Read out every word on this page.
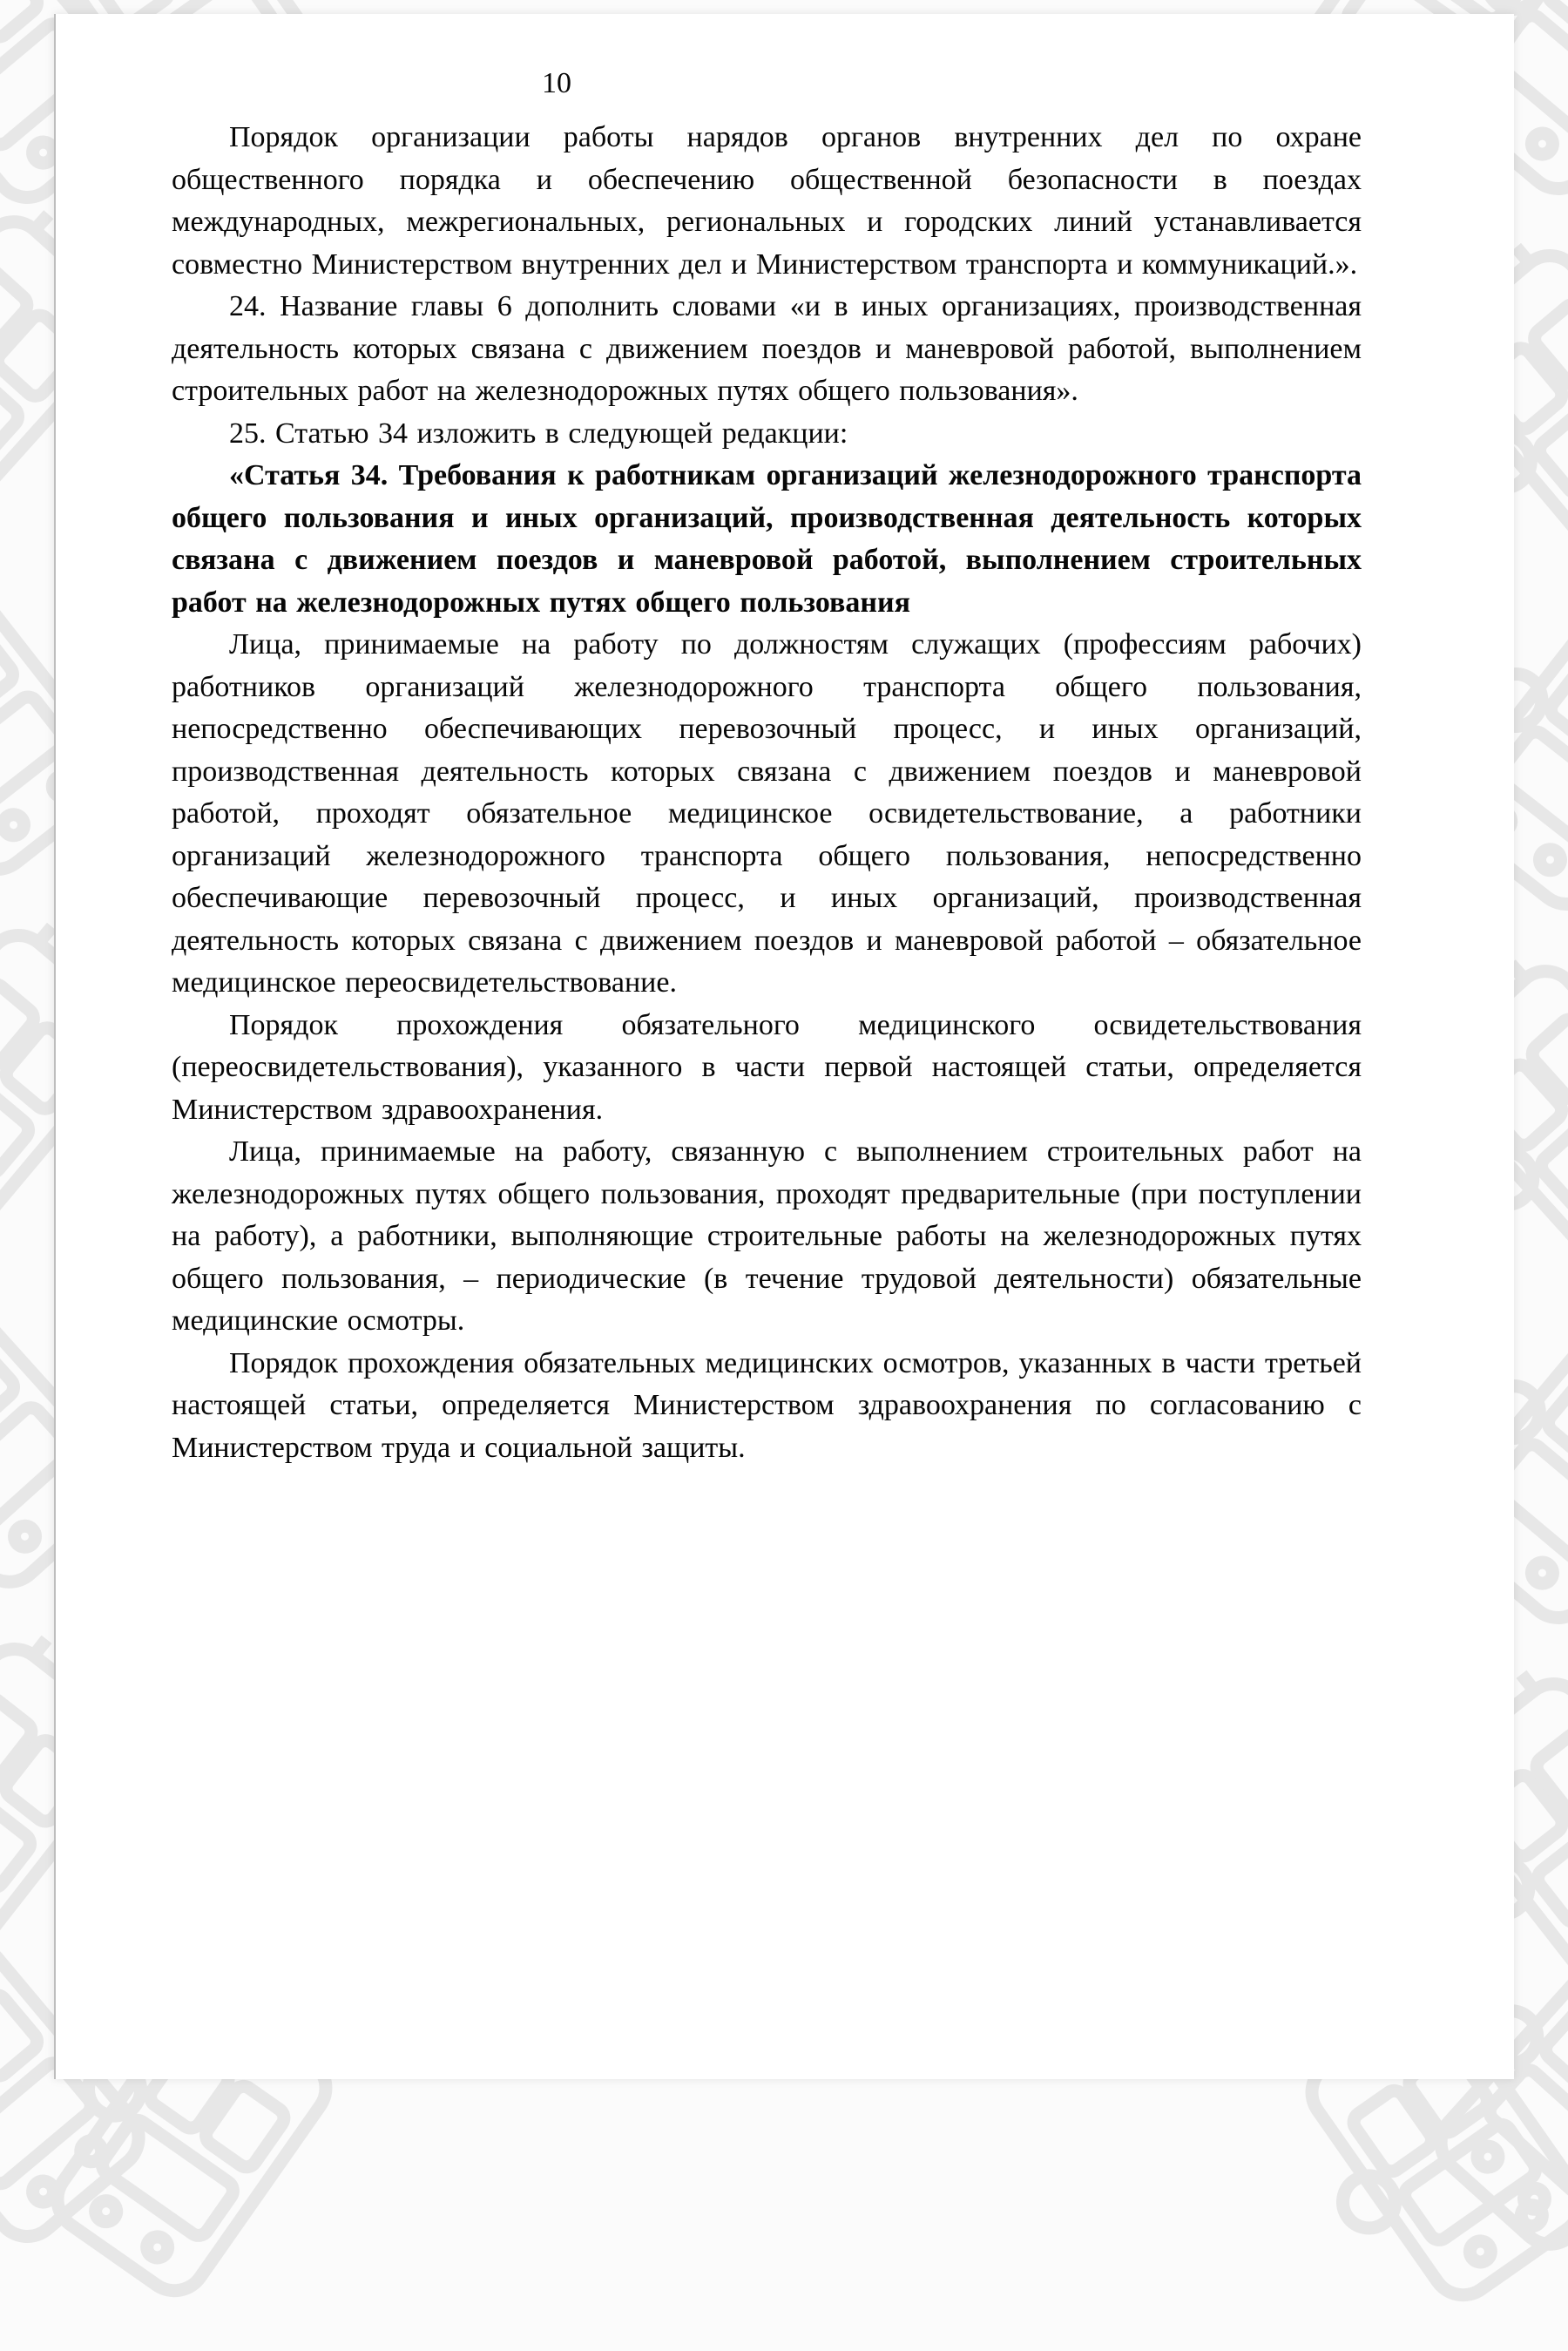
10

Порядок организации работы нарядов органов внутренних дел по охране общественного порядка и обеспечению общественной безопасности в поездах международных, межрегиональных, региональных и городских линий устанавливается совместно Министерством внутренних дел и Министерством транспорта и коммуникаций.».

24. Название главы 6 дополнить словами «и в иных организациях, производственная деятельность которых связана с движением поездов и маневровой работой, выполнением строительных работ на железнодорожных путях общего пользования».

25. Статью 34 изложить в следующей редакции:

«Статья 34. Требования к работникам организаций железнодорожного транспорта общего пользования и иных организаций, производственная деятельность которых связана с движением поездов и маневровой работой, выполнением строительных работ на железнодорожных путях общего пользования

Лица, принимаемые на работу по должностям служащих (профессиям рабочих) работников организаций железнодорожного транспорта общего пользования, непосредственно обеспечивающих перевозочный процесс, и иных организаций, производственная деятельность которых связана с движением поездов и маневровой работой, проходят обязательное медицинское освидетельствование, а работники организаций железнодорожного транспорта общего пользования, непосредственно обеспечивающие перевозочный процесс, и иных организаций, производственная деятельность которых связана с движением поездов и маневровой работой – обязательное медицинское переосвидетельствование.

Порядок прохождения обязательного медицинского освидетельствования (переосвидетельствования), указанного в части первой настоящей статьи, определяется Министерством здравоохранения.

Лица, принимаемые на работу, связанную с выполнением строительных работ на железнодорожных путях общего пользования, проходят предварительные (при поступлении на работу), а работники, выполняющие строительные работы на железнодорожных путях общего пользования, – периодические (в течение трудовой деятельности) обязательные медицинские осмотры.

Порядок прохождения обязательных медицинских осмотров, указанных в части третьей настоящей статьи, определяется Министерством здравоохранения по согласованию с Министерством труда и социальной защиты.
